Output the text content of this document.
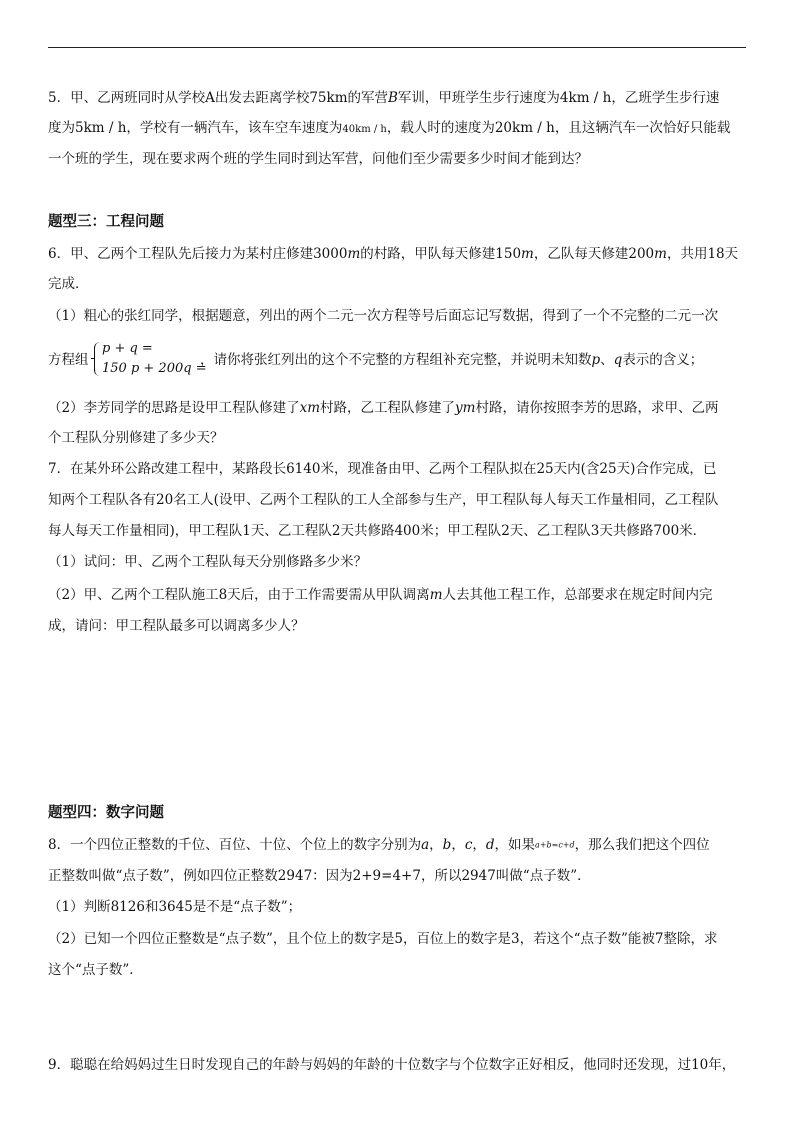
5．甲、乙两班同时从学校A出发去距离学校75km的军营B军训，甲班学生步行速度为4km / h，乙班学生步行速
度为5km / h，学校有一辆汽车，该车空车速度为40km / h，载人时的速度为20km / h，且这辆汽车一次恰好只能载
一个班的学生，现在要求两个班的学生同时到达军营，问他们至少需要多少时间才能到达？
题型三：工程问题
6．甲、乙两个工程队先后接力为某村庄修建3000m的村路，甲队每天修建150m，乙队每天修建200m，共用18天
完成．
（1）粗心的张红同学，根据题意，列出的两个二元一次方程等号后面忘记写数据，得到了一个不完整的二元一次
方程组
p + q =
150 p + 200q =
，请你将张红列出的这个不完整的方程组补充完整，并说明未知数p、q表示的含义；
（2）李芳同学的思路是设甲工程队修建了xm村路，乙工程队修建了ym村路，请你按照李芳的思路，求甲、乙两
个工程队分别修建了多少天？
7．在某外环公路改建工程中，某路段长6140米，现准备由甲、乙两个工程队拟在25天内(含25天)合作完成，已
知两个工程队各有20名工人(设甲、乙两个工程队的工人全部参与生产，甲工程队每人每天工作量相同，乙工程队
每人每天工作量相同)，甲工程队1天、乙工程队2天共修路400米；甲工程队2天、乙工程队3天共修路700米．
（1）试问：甲、乙两个工程队每天分别修路多少米？
（2）甲、乙两个工程队施工8天后，由于工作需要需从甲队调离m人去其他工程工作，总部要求在规定时间内完
成，请问：甲工程队最多可以调离多少人？
题型四：数字问题
8．一个四位正整数的千位、百位、十位、个位上的数字分别为a，b，c，d，如果a+b=c+d，那么我们把这个四位
正整数叫做“点子数”，例如四位正整数2947：因为2+9=4+7，所以2947叫做“点子数”．
（1）判断8126和3645是不是“点子数”；
（2）已知一个四位正整数是“点子数”，且个位上的数字是5，百位上的数字是3，若这个“点子数”能被7整除，求
这个“点子数”．
9．聪聪在给妈妈过生日时发现自己的年龄与妈妈的年龄的十位数字与个位数字正好相反，他同时还发现，过10年，
